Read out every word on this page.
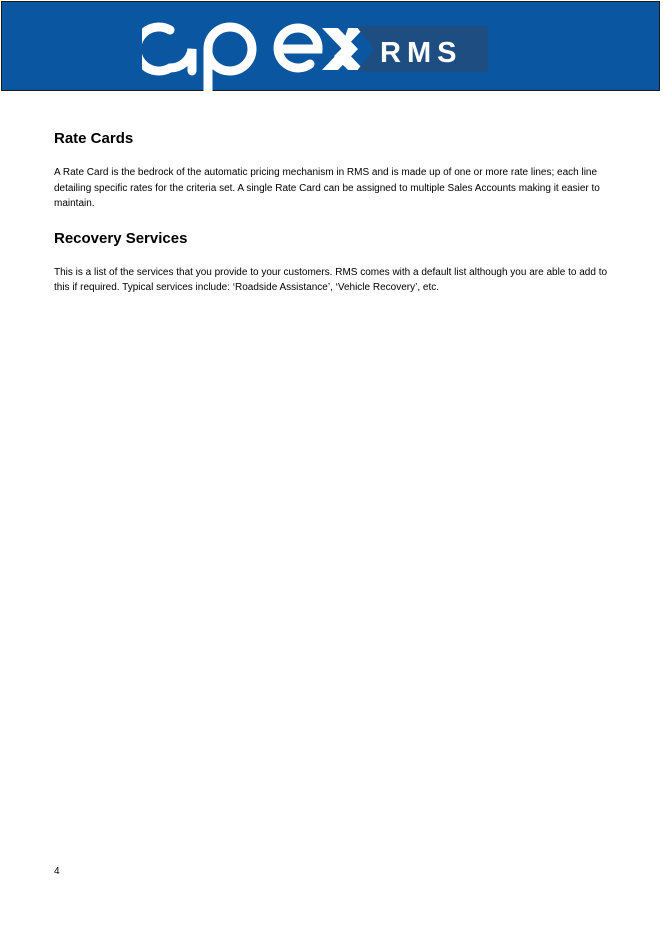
RMS
Rate Cards

A Rate Card is the bedrock of the automatic pricing mechanism in RMS and is made up of one or more rate lines; each line detailing specific rates for the criteria set. A single Rate Card can be assigned to multiple Sales Accounts making it easier to maintain.

Recovery Services

This is a list of the services that you provide to your customers. RMS comes with a default list although you are able to add to this if required. Typical services include: ‘Roadside Assistance’, ‘Vehicle Recovery’, etc.

4
